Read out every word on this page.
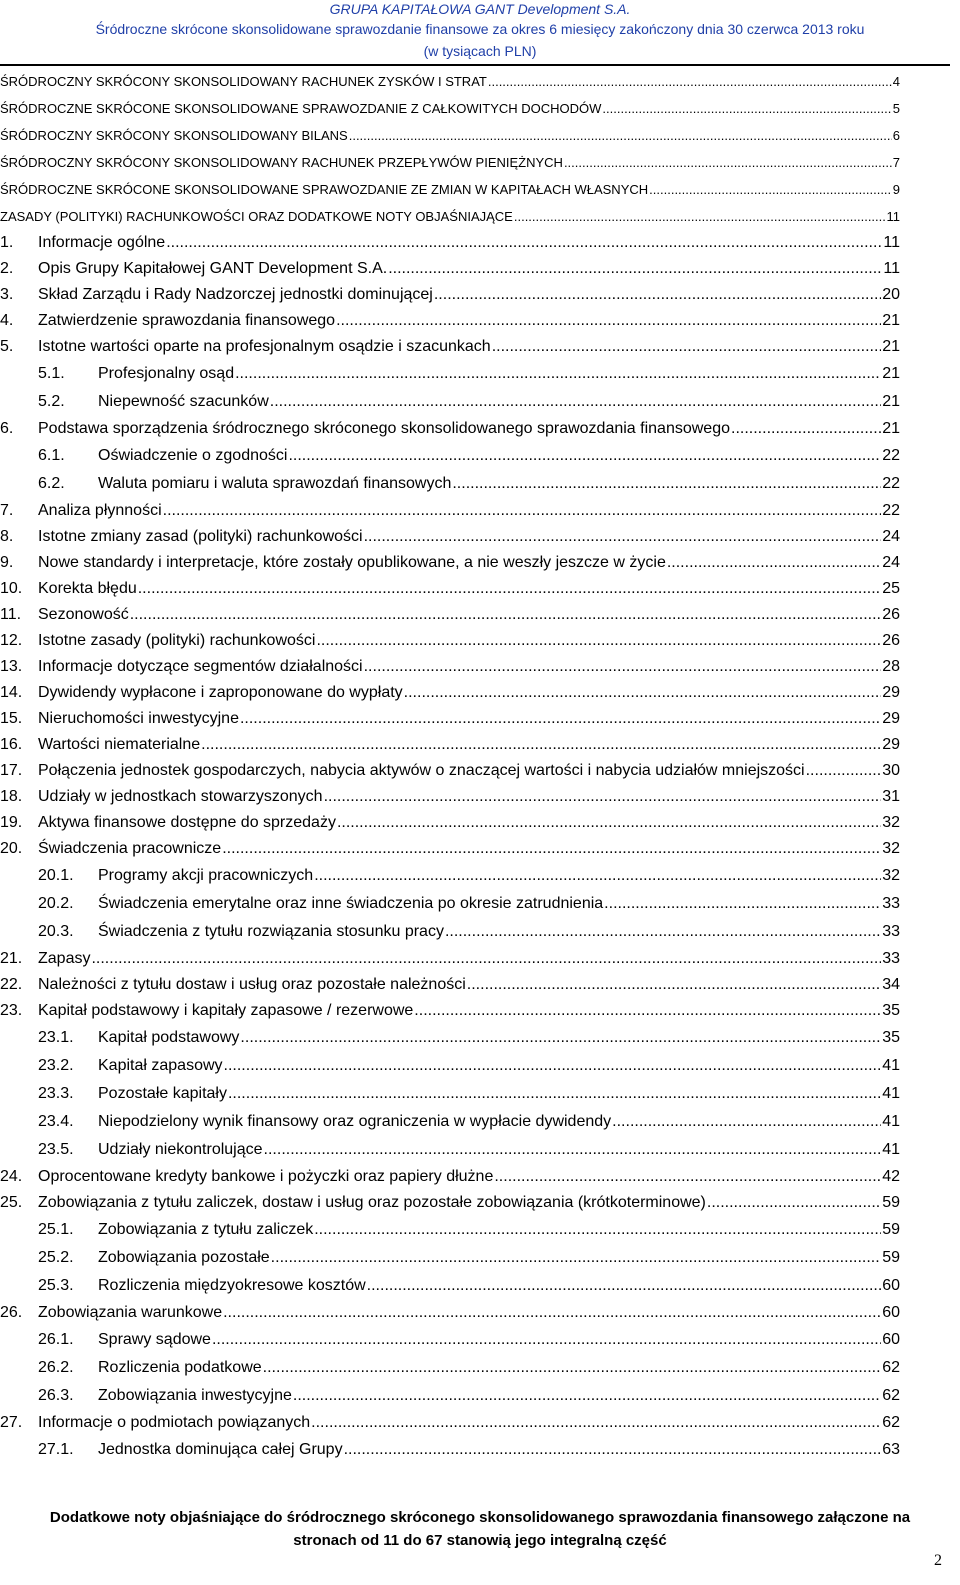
GRUPA KAPITAŁOWA GANT Development S.A.
Śródroczne skrócone skonsolidowane sprawozdanie finansowe za okres 6 miesięcy zakończony dnia 30 czerwca 2013 roku
(w tysiącach PLN)
ŚRÓDROCZNY SKRÓCONY SKONSOLIDOWANY RACHUNEK ZYSKÓW I STRAT .....	4
ŚRÓDROCZNE SKRÓCONE SKONSOLIDOWANE SPRAWOZDANIE Z CAŁKOWITYCH DOCHODÓW .....	5
ŚRÓDROCZNY SKRÓCONY SKONSOLIDOWANY BILANS .....	6
ŚRÓDROCZNY SKRÓCONY SKONSOLIDOWANY RACHUNEK PRZEPŁYWÓW PIENIĘŻNYCH .....	7
ŚRÓDROCZNE SKRÓCONE SKONSOLIDOWANE SPRAWOZDANIE ZE ZMIAN W KAPITAŁACH WŁASNYCH .....	9
ZASADY (POLITYKI) RACHUNKOWOŚCI ORAZ DODATKOWE NOTY OBJAŚNIAJĄCE .....	11
1.	Informacje ogólne .....	11
2.	Opis Grupy Kapitałowej GANT Development S.A. .....	11
3.	Skład Zarządu i Rady Nadzorczej jednostki dominującej .....	20
4.	Zatwierdzenie sprawozdania finansowego .....	21
5.	Istotne wartości oparte na profesjonalnym osądzie i szacunkach .....	21
5.1.	Profesjonalny osąd .....	21
5.2.	Niepewność szacunków .....	21
6.	Podstawa sporządzenia śródrocznego skróconego skonsolidowanego sprawozdania finansowego .....	21
6.1.	Oświadczenie o zgodności .....	22
6.2.	Waluta pomiaru i waluta sprawozdań finansowych .....	22
7.	Analiza płynności .....	22
8.	Istotne zmiany zasad (polityki) rachunkowości .....	24
9.	Nowe standardy i interpretacje, które zostały opublikowane, a nie weszły jeszcze w życie .....	24
10. Korekta błędu .....	25
11.	Sezonowość .....	26
12. Istotne zasady (polityki) rachunkowości .....	26
13. Informacje dotyczące segmentów działalności .....	28
14. Dywidendy wypłacone i zaproponowane do wypłaty .....	29
15. Nieruchomości inwestycyjne .....	29
16. Wartości niematerialne .....	29
17. Połączenia jednostek gospodarczych, nabycia aktywów o znaczącej wartości i nabycia udziałów mniejszości .....	30
18. Udziały w jednostkach stowarzyszonych .....	31
19. Aktywa finansowe dostępne do sprzedaży .....	32
20. Świadczenia pracownicze .....	32
20.1.	Programy akcji pracowniczych .....	32
20.2.	Świadczenia emerytalne oraz inne świadczenia po okresie zatrudnienia .....	33
20.3.	Świadczenia z tytułu rozwiązania stosunku pracy .....	33
21. Zapasy .....	33
22. Należności z tytułu dostaw i usług oraz pozostałe należności .....	34
23. Kapitał podstawowy i kapitały zapasowe / rezerwowe .....	35
23.1.	Kapitał podstawowy .....	35
23.2.	Kapitał zapasowy .....	41
23.3.	Pozostałe kapitały .....	41
23.4.	Niepodzielony wynik finansowy oraz ograniczenia w wypłacie dywidendy .....	41
23.5.	Udziały niekontrolujące .....	41
24. Oprocentowane kredyty bankowe i pożyczki oraz papiery dłużne .....	42
25. Zobowiązania z tytułu zaliczek, dostaw i usług oraz pozostałe zobowiązania (krótkoterminowe) .....	59
25.1.	Zobowiązania z tytułu zaliczek .....	59
25.2.	Zobowiązania pozostałe .....	59
25.3.	Rozliczenia międzyokresowe kosztów .....	60
26. Zobowiązania warunkowe .....	60
26.1.	Sprawy sądowe .....	60
26.2.	Rozliczenia podatkowe .....	62
26.3.	Zobowiązania inwestycyjne .....	62
27. Informacje o podmiotach powiązanych .....	62
27.1.	Jednostka dominująca całej Grupy .....	63
Dodatkowe noty objaśniające do śródrocznego skróconego skonsolidowanego sprawozdania finansowego załączone na
stronach od 11 do 67 stanowią jego integralną część
2
